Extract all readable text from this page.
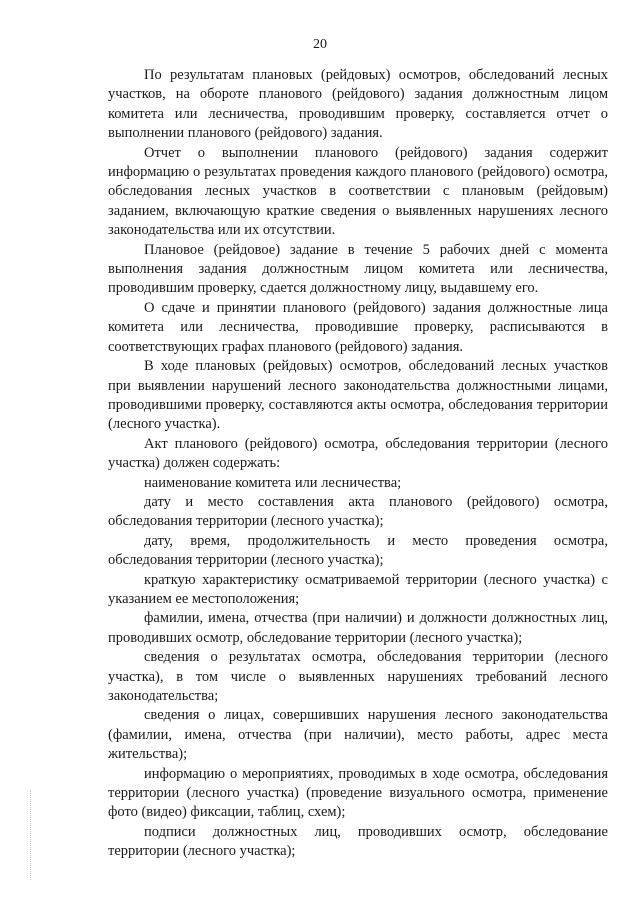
20

По результатам плановых (рейдовых) осмотров, обследований лесных участков, на обороте планового (рейдового) задания должностным лицом комитета или лесничества, проводившим проверку, составляется отчет о выполнении планового (рейдового) задания.

Отчет о выполнении планового (рейдового) задания содержит информацию о результатах проведения каждого планового (рейдового) осмотра, обследования лесных участков в соответствии с плановым (рейдовым) заданием, включающую краткие сведения о выявленных нарушениях лесного законодательства или их отсутствии.

Плановое (рейдовое) задание в течение 5 рабочих дней с момента выполнения задания должностным лицом комитета или лесничества, проводившим проверку, сдается должностному лицу, выдавшему его.

О сдаче и принятии планового (рейдового) задания должностные лица комитета или лесничества, проводившие проверку, расписываются в соответствующих графах планового (рейдового) задания.

В ходе плановых (рейдовых) осмотров, обследований лесных участков при выявлении нарушений лесного законодательства должностными лицами, проводившими проверку, составляются акты осмотра, обследования территории (лесного участка).

Акт планового (рейдового) осмотра, обследования территории (лесного участка) должен содержать:

наименование комитета или лесничества;

дату и место составления акта планового (рейдового) осмотра, обследования территории (лесного участка);

дату, время, продолжительность и место проведения осмотра, обследования территории (лесного участка);

краткую характеристику осматриваемой территории (лесного участка) с указанием ее местоположения;

фамилии, имена, отчества (при наличии) и должности должностных лиц, проводивших осмотр, обследование территории (лесного участка);

сведения о результатах осмотра, обследования территории (лесного участка), в том числе о выявленных нарушениях требований лесного законодательства;

сведения о лицах, совершивших нарушения лесного законодательства (фамилии, имена, отчества (при наличии), место работы, адрес места жительства);

информацию о мероприятиях, проводимых в ходе осмотра, обследования территории (лесного участка) (проведение визуального осмотра, применение фото (видео) фиксации, таблиц, схем);

подписи должностных лиц, проводивших осмотр, обследование территории (лесного участка);
